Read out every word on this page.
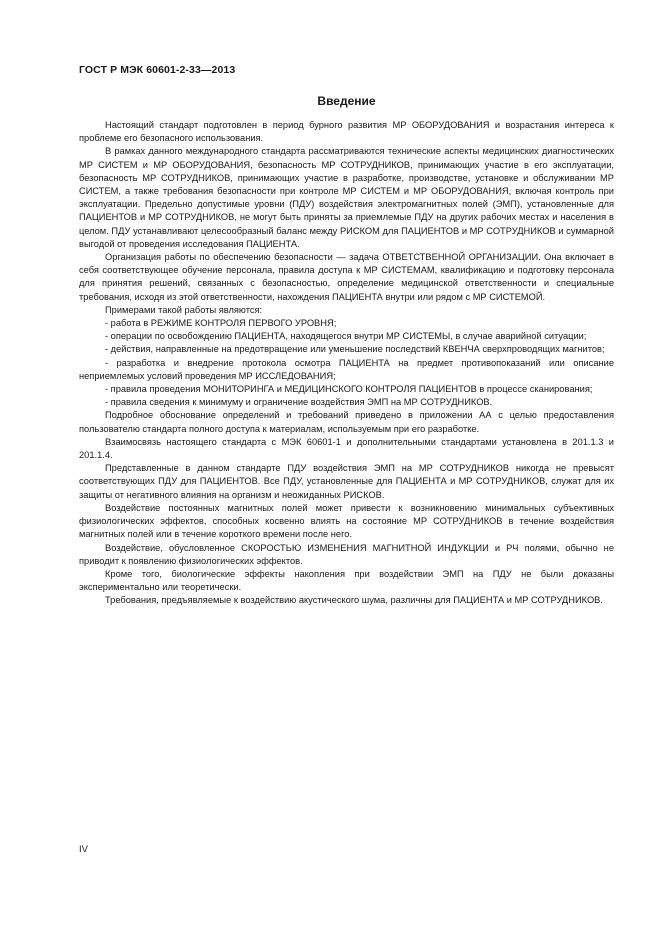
ГОСТ Р МЭК 60601-2-33—2013
Введение

Настоящий стандарт подготовлен в период бурного развития МР ОБОРУДОВАНИЯ и возрастания интереса к проблеме его безопасного использования.

В рамках данного международного стандарта рассматриваются технические аспекты медицинских диагностических МР СИСТЕМ и МР ОБОРУДОВАНИЯ, безопасность МР СОТРУДНИКОВ, принимающих участие в его эксплуатации, безопасность МР СОТРУДНИКОВ, принимающих участие в разработке, производстве, установке и обслуживании МР СИСТЕМ, а также требования безопасности при контроле МР СИСТЕМ и МР ОБОРУДОВАНИЯ, включая контроль при эксплуатации. Предельно допустимые уровни (ПДУ) воздействия электромагнитных полей (ЭМП), установленные для ПАЦИЕНТОВ и МР СОТРУДНИКОВ, не могут быть приняты за приемлемые ПДУ на других рабочих местах и населения в целом. ПДУ устанавливают целесообразный баланс между РИСКОМ для ПАЦИЕНТОВ и МР СОТРУДНИКОВ и суммарной выгодой от проведения исследования ПАЦИЕНТА.

Организация работы по обеспечению безопасности — задача ОТВЕТСТВЕННОЙ ОРГАНИЗАЦИИ. Она включает в себя соответствующее обучение персонала, правила доступа к МР СИСТЕМАМ, квалификацию и подготовку персонала для принятия решений, связанных с безопасностью, определение медицинской ответственности и специальные требования, исходя из этой ответственности, нахождения ПАЦИЕНТА внутри или рядом с МР СИСТЕМОЙ.

Примерами такой работы являются:

- работа в РЕЖИМЕ КОНТРОЛЯ ПЕРВОГО УРОВНЯ;

- операции по освобождению ПАЦИЕНТА, находящегося внутри МР СИСТЕМЫ, в случае аварийной ситуации;

- действия, направленные на предотвращение или уменьшение последствий КВЕНЧА сверхпроводящих магнитов;

- разработка и внедрение протокола осмотра ПАЦИЕНТА на предмет противопоказаний или описание неприемлемых условий проведения МР ИССЛЕДОВАНИЯ;

- правила проведения МОНИТОРИНГА и МЕДИЦИНСКОГО КОНТРОЛЯ ПАЦИЕНТОВ в процессе сканирования;

- правила сведения к минимуму и ограничение воздействия ЭМП на МР СОТРУДНИКОВ.

Подробное обоснование определений и требований приведено в приложении АА с целью предоставления пользователю стандарта полного доступа к материалам, используемым при его разработке.

Взаимосвязь настоящего стандарта с МЭК 60601-1 и дополнительными стандартами установлена в 201.1.3 и 201.1.4.

Представленные в данном стандарте ПДУ воздействия ЭМП на МР СОТРУДНИКОВ никогда не превысят соответствующих ПДУ для ПАЦИЕНТОВ. Все ПДУ, установленные для ПАЦИЕНТА и МР СОТРУДНИКОВ, служат для их защиты от негативного влияния на организм и неожиданных РИСКОВ.

Воздействие постоянных магнитных полей может привести к возникновению минимальных субъективных физиологических эффектов, способных косвенно влиять на состояние МР СОТРУДНИКОВ в течение воздействия магнитных полей или в течение короткого времени после него.

Воздействие, обусловленное СКОРОСТЬЮ ИЗМЕНЕНИЯ МАГНИТНОЙ ИНДУКЦИИ и РЧ полями, обычно не приводит к появлению физиологических эффектов.

Кроме того, биологические эффекты накопления при воздействии ЭМП на ПДУ не были доказаны экспериментально или теоретически.

Требования, предъявляемые к воздействию акустического шума, различны для ПАЦИЕНТА и МР СОТРУДНИКОВ.

IV
